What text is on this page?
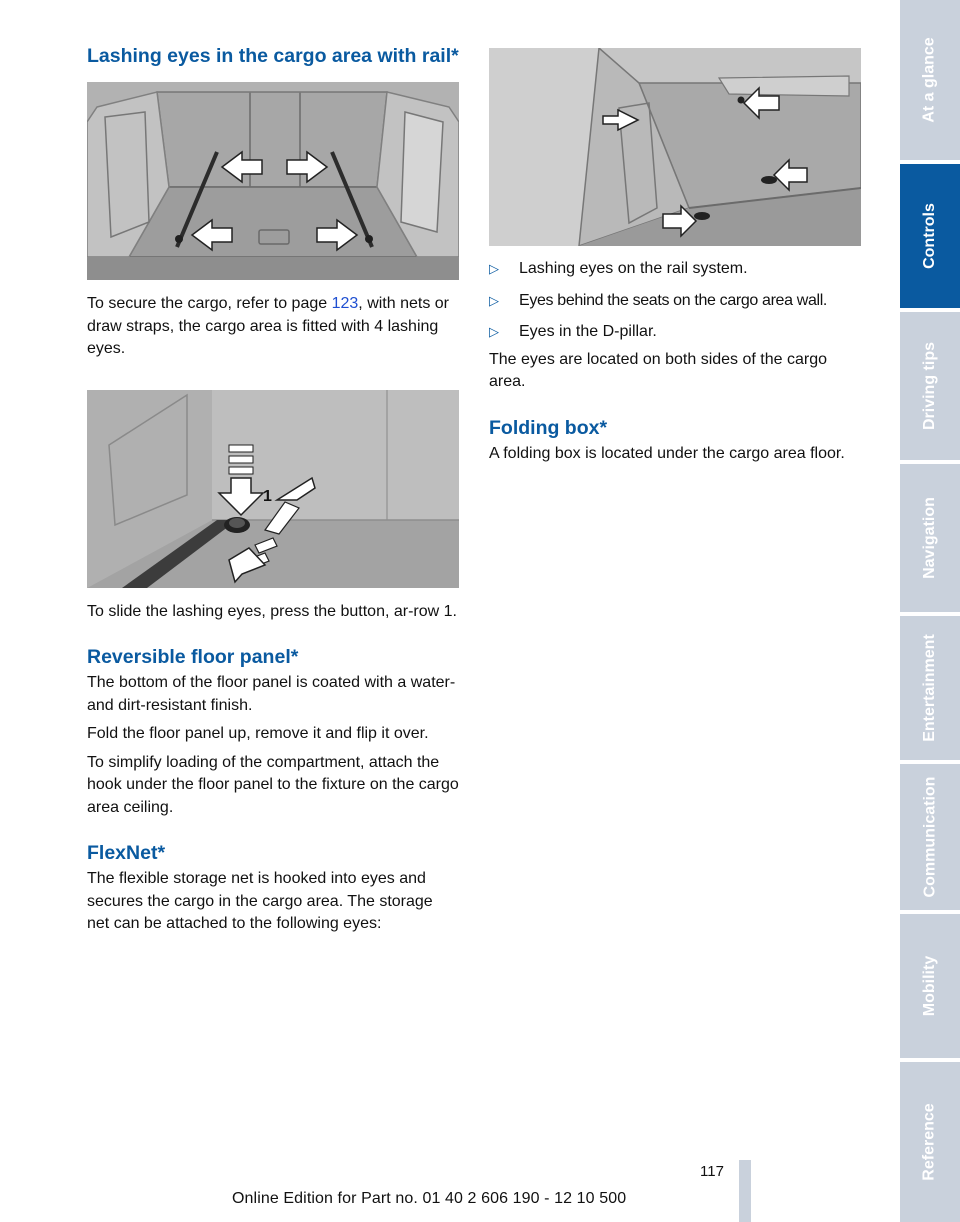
Lashing eyes in the cargo area with rail*

To secure the cargo, refer to page 123, with nets or draw straps, the cargo area is fitted with 4 lashing eyes.

1

To slide the lashing eyes, press the button, ar-row 1.

Reversible floor panel*

The bottom of the floor panel is coated with a water- and dirt-resistant finish.

Fold the floor panel up, remove it and flip it over.

To simplify loading of the compartment, attach the hook under the floor panel to the fixture on the cargo area ceiling.

FlexNet*

The flexible storage net is hooked into eyes and secures the cargo in the cargo area. The storage net can be attached to the following eyes:

▷ Lashing eyes on the rail system.
▷ Eyes behind the seats on the cargo area wall.
▷ Eyes in the D-pillar.

The eyes are located on both sides of the cargo area.

Folding box*

A folding box is located under the cargo area floor.

At a glance
Controls
Driving tips
Navigation
Entertainment
Communication
Mobility
Reference
117
Online Edition for Part no. 01 40 2 606 190 - 12 10 500
